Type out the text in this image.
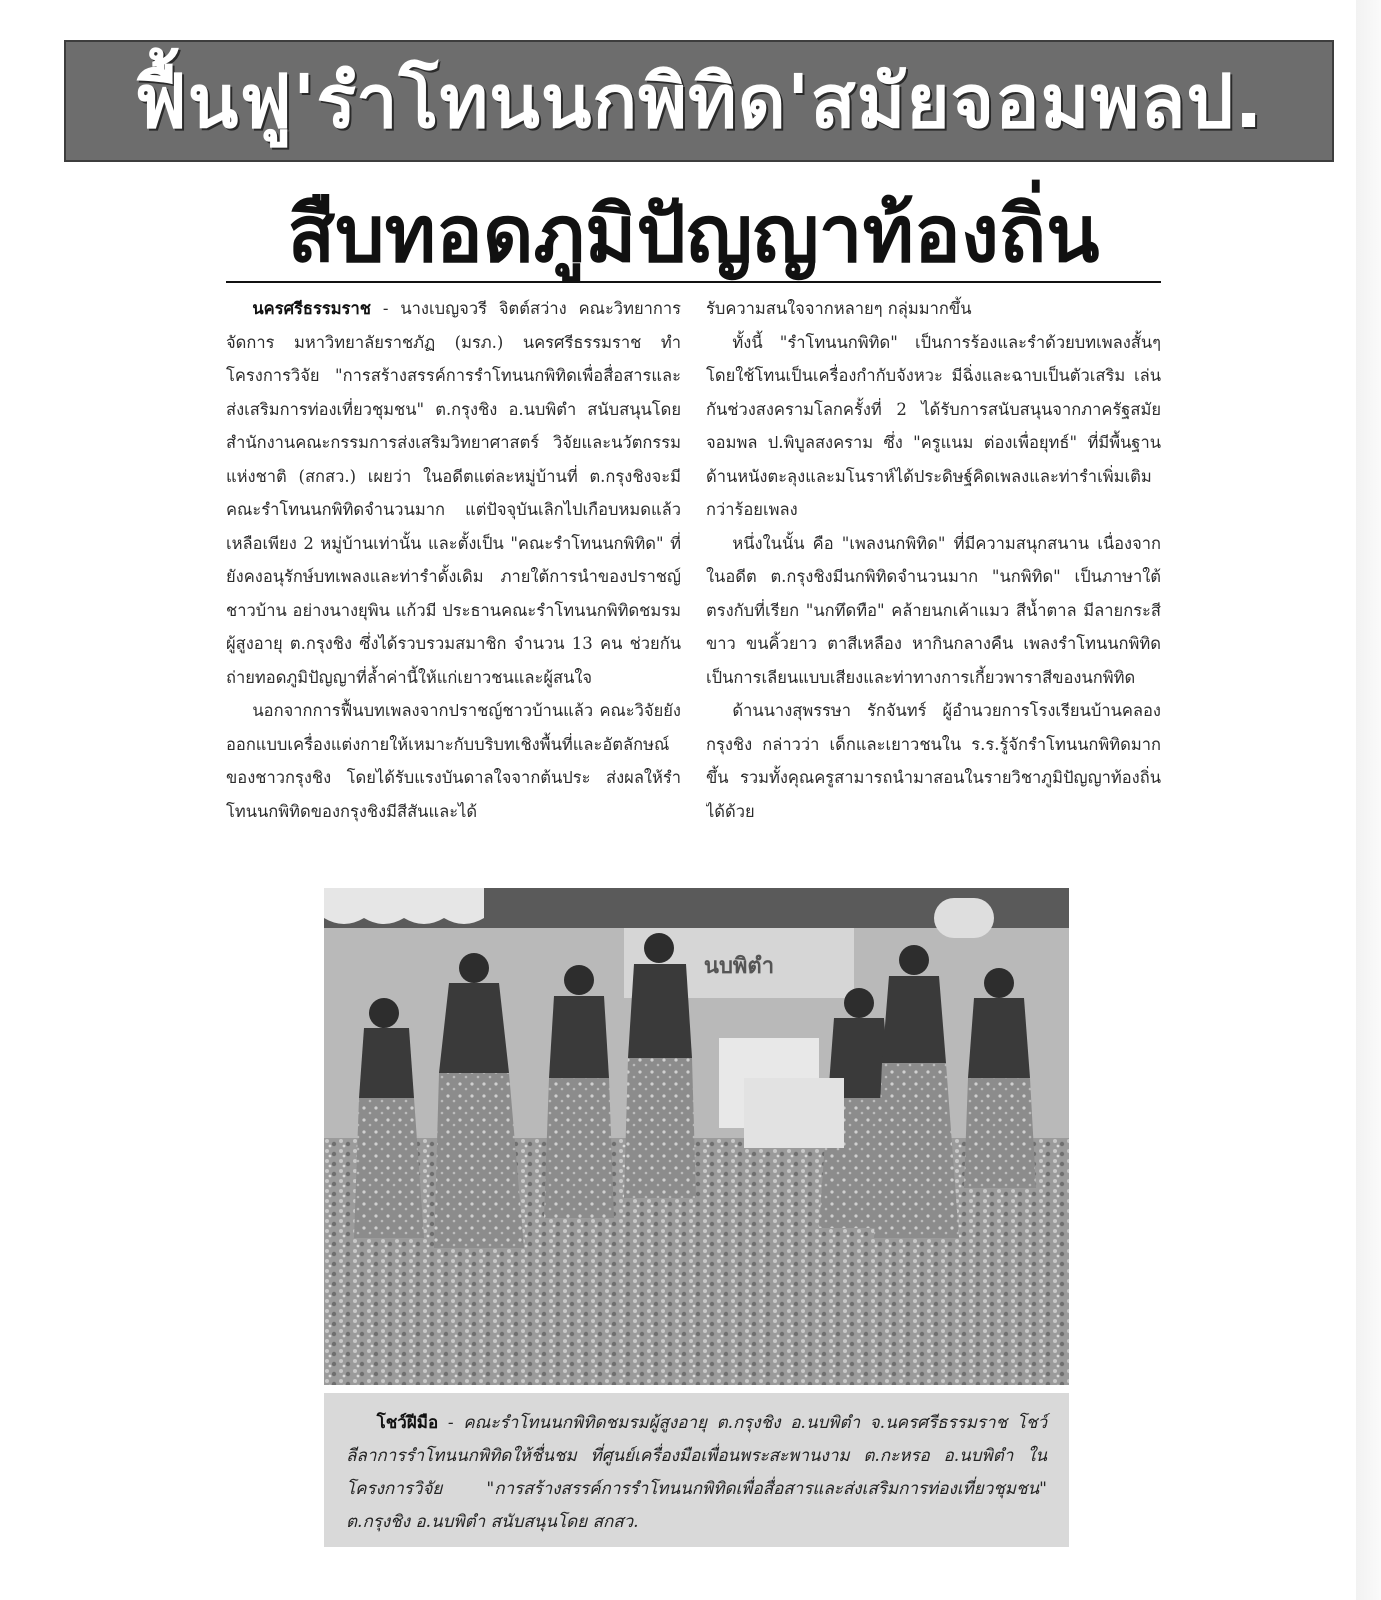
ฟื้นฟู'รำโทนนกพิทิด'สมัยจอมพลป.
สืบทอดภูมิปัญญาท้องถิ่น

นครศรีธรรมราช - นางเบญจวรี จิตต์สว่าง คณะวิทยาการจัดการ มหาวิทยาลัยราชภัฏ (มรภ.) นครศรีธรรมราช ทำโครงการวิจัย "การสร้างสรรค์การรำโทนนกพิทิดเพื่อสื่อสารและส่งเสริมการท่องเที่ยวชุมชน" ต.กรุงชิง อ.นบพิตำ สนับสนุนโดยสำนักงานคณะกรรมการส่งเสริมวิทยาศาสตร์ วิจัยและนวัตกรรมแห่งชาติ (สกสว.) เผยว่า ในอดีตแต่ละหมู่บ้านที่ ต.กรุงชิงจะมีคณะรำโทนนกพิทิดจำนวนมาก แต่ปัจจุบันเลิกไปเกือบหมดแล้ว เหลือเพียง 2 หมู่บ้านเท่านั้น และตั้งเป็น "คณะรำโทนนกพิทิด" ที่ยังคงอนุรักษ์บทเพลงและท่ารำดั้งเดิม ภายใต้การนำของปราชญ์ชาวบ้าน อย่างนางยุพิน แก้วมี ประธานคณะรำโทนนกพิทิดชมรมผู้สูงอายุ ต.กรุงชิง ซึ่งได้รวบรวมสมาชิก จำนวน 13 คน ช่วยกันถ่ายทอดภูมิปัญญาที่ล้ำค่านี้ให้แก่เยาวชนและผู้สนใจ

นอกจากการฟื้นบทเพลงจากปราชญ์ชาวบ้านแล้ว คณะวิจัยยังออกแบบเครื่องแต่งกายให้เหมาะกับบริบทเชิงพื้นที่และอัตลักษณ์ของชาวกรุงชิง โดยได้รับแรงบันดาลใจจากต้นประ ส่งผลให้รำโทนนกพิทิดของกรุงชิงมีสีสันและได้

รับความสนใจจากหลายๆ กลุ่มมากขึ้น

ทั้งนี้ "รำโทนนกพิทิด" เป็นการร้องและรำด้วยบทเพลงสั้นๆ โดยใช้โทนเป็นเครื่องกำกับจังหวะ มีฉิ่งและฉาบเป็นตัวเสริม เล่นกันช่วงสงครามโลกครั้งที่ 2 ได้รับการสนับสนุนจากภาครัฐสมัยจอมพล ป.พิบูลสงคราม ซึ่ง "ครูแนม ต่องเพื่อยุทธ์" ที่มีพื้นฐานด้านหนังตะลุงและมโนราห์ได้ประดิษฐ์คิดเพลงและท่ารำเพิ่มเติมกว่าร้อยเพลง

หนึ่งในนั้น คือ "เพลงนกพิทิด" ที่มีความสนุกสนาน เนื่องจากในอดีต ต.กรุงชิงมีนกพิทิดจำนวนมาก "นกพิทิด" เป็นภาษาใต้ตรงกับที่เรียก "นกทึดทือ" คล้ายนกเค้าแมว สีน้ำตาล มีลายกระสีขาว ขนคิ้วยาว ตาสีเหลือง หากินกลางคืน เพลงรำโทนนกพิทิดเป็นการเลียนแบบเสียงและท่าทางการเกี้ยวพาราสีของนกพิทิด

ด้านนางสุพรรษา รักจันทร์ ผู้อำนวยการโรงเรียนบ้านคลองกรุงชิง กล่าวว่า เด็กและเยาวชนใน ร.ร.รู้จักรำโทนนกพิทิดมากขึ้น รวมทั้งคุณครูสามารถนำมาสอนในรายวิชาภูมิปัญญาท้องถิ่นได้ด้วย

นบพิตำ

โชว์ฝีมือ - คณะรำโทนนกพิทิดชมรมผู้สูงอายุ ต.กรุงชิง อ.นบพิตำ จ.นครศรีธรรมราช โชว์ลีลาการรำโทนนกพิทิดให้ชื่นชม ที่ศูนย์เครื่องมือเพื่อนพระสะพานงาม ต.กะหรอ อ.นบพิตำ ในโครงการวิจัย "การสร้างสรรค์การรำโทนนกพิทิดเพื่อสื่อสารและส่งเสริมการท่องเที่ยวชุมชน" ต.กรุงชิง อ.นบพิตำ สนับสนุนโดย สกสว.
